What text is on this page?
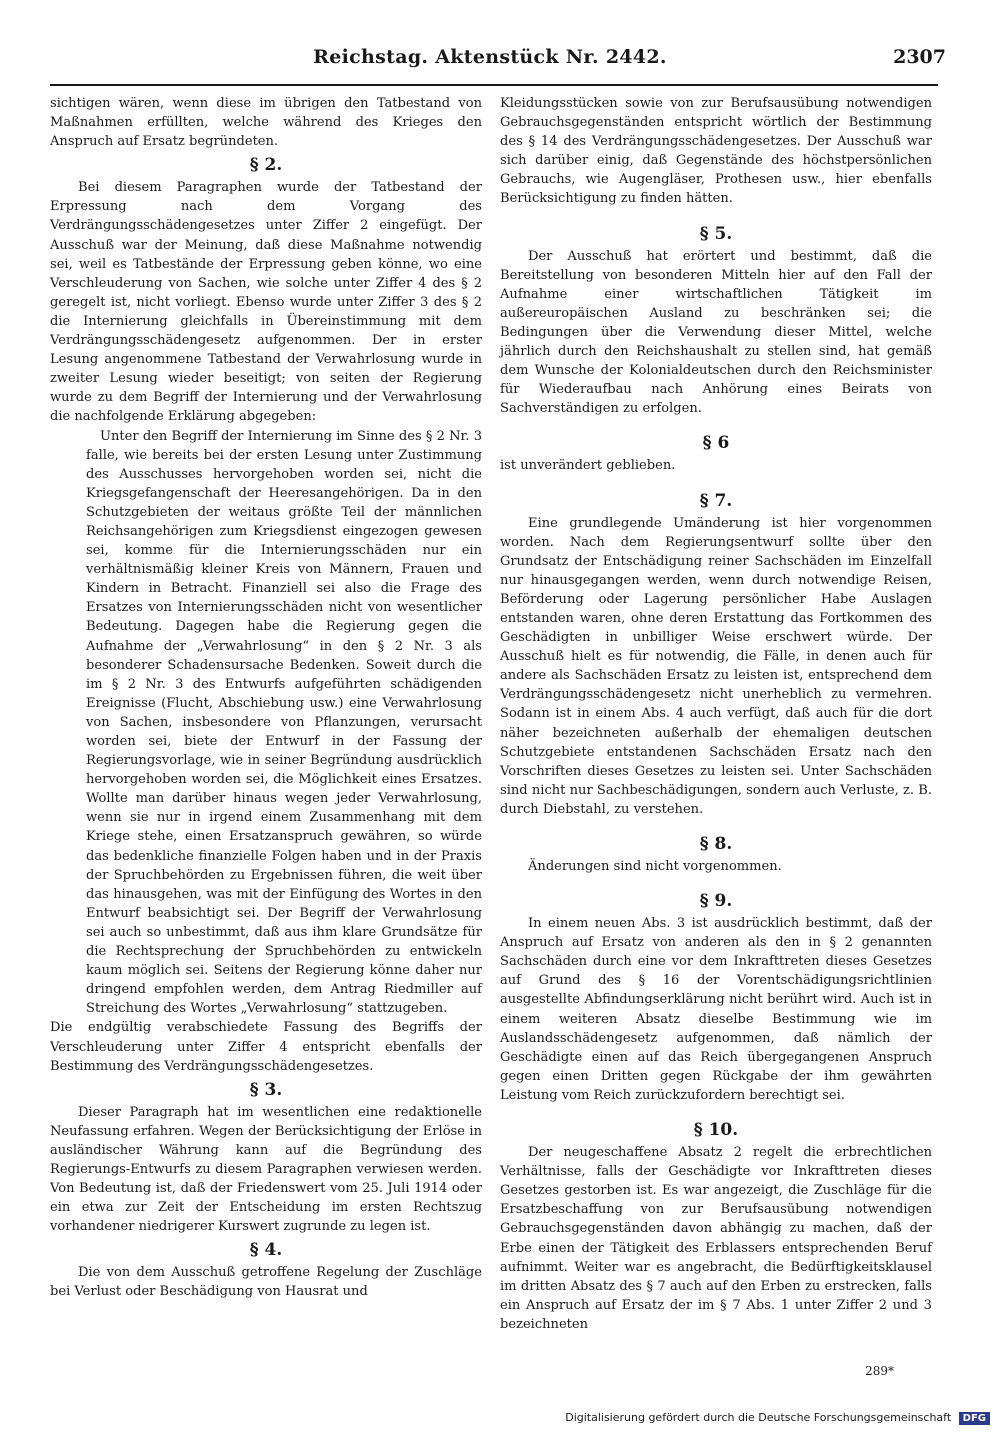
Reichstag. Aktenstück Nr. 2442.	2307

sichtigen wären, wenn diese im übrigen den Tatbestand von Maßnahmen erfüllten, welche während des Krieges den Anspruch auf Ersatz begründeten.

§ 2.

Bei diesem Paragraphen wurde der Tatbestand der Erpressung nach dem Vorgang des Verdrängungsschädengesetzes unter Ziffer 2 eingefügt. Der Ausschuß war der Meinung, daß diese Maßnahme notwendig sei, weil es Tatbestände der Erpressung geben könne, wo eine Verschleuderung von Sachen, wie solche unter Ziffer 4 des § 2 geregelt ist, nicht vorliegt. Ebenso wurde unter Ziffer 3 des § 2 die Internierung gleichfalls in Übereinstimmung mit dem Verdrängungsschädengesetz aufgenommen. Der in erster Lesung angenommene Tatbestand der Verwahrlosung wurde in zweiter Lesung wieder beseitigt; von seiten der Regierung wurde zu dem Begriff der Internierung und der Verwahrlosung die nachfolgende Erklärung abgegeben:

Unter den Begriff der Internierung im Sinne des § 2 Nr. 3 falle, wie bereits bei der ersten Lesung unter Zustimmung des Ausschusses hervorgehoben worden sei, nicht die Kriegsgefangenschaft der Heeresangehörigen. Da in den Schutzgebieten der weitaus größte Teil der männlichen Reichsangehörigen zum Kriegsdienst eingezogen gewesen sei, komme für die Internierungsschäden nur ein verhältnismäßig kleiner Kreis von Männern, Frauen und Kindern in Betracht. Finanziell sei also die Frage des Ersatzes von Internierungsschäden nicht von wesentlicher Bedeutung. Dagegen habe die Regierung gegen die Aufnahme der „Verwahrlosung“ in den § 2 Nr. 3 als besonderer Schadensursache Bedenken. Soweit durch die im § 2 Nr. 3 des Entwurfs aufgeführten schädigenden Ereignisse (Flucht, Abschiebung usw.) eine Verwahrlosung von Sachen, insbesondere von Pflanzungen, verursacht worden sei, biete der Entwurf in der Fassung der Regierungsvorlage, wie in seiner Begründung ausdrücklich hervorgehoben worden sei, die Möglichkeit eines Ersatzes. Wollte man darüber hinaus wegen jeder Verwahrlosung, wenn sie nur in irgend einem Zusammenhang mit dem Kriege stehe, einen Ersatzanspruch gewähren, so würde das bedenkliche finanzielle Folgen haben und in der Praxis der Spruchbehörden zu Ergebnissen führen, die weit über das hinausgehen, was mit der Einfügung des Wortes in den Entwurf beabsichtigt sei. Der Begriff der Verwahrlosung sei auch so unbestimmt, daß aus ihm klare Grundsätze für die Rechtsprechung der Spruchbehörden zu entwickeln kaum möglich sei. Seitens der Regierung könne daher nur dringend empfohlen werden, dem Antrag Riedmiller auf Streichung des Wortes „Verwahrlosung“ stattzugeben.

Die endgültig verabschiedete Fassung des Begriffs der Verschleuderung unter Ziffer 4 entspricht ebenfalls der Bestimmung des Verdrängungsschädengesetzes.

§ 3.

Dieser Paragraph hat im wesentlichen eine redaktionelle Neufassung erfahren. Wegen der Berücksichtigung der Erlöse in ausländischer Währung kann auf die Begründung des Regierungs-Entwurfs zu diesem Paragraphen verwiesen werden. Von Bedeutung ist, daß der Friedenswert vom 25. Juli 1914 oder ein etwa zur Zeit der Entscheidung im ersten Rechtszug vorhandener niedrigerer Kurswert zugrunde zu legen ist.

§ 4.

Die von dem Ausschuß getroffene Regelung der Zuschläge bei Verlust oder Beschädigung von Hausrat und

Kleidungsstücken sowie von zur Berufsausübung notwendigen Gebrauchsgegenständen entspricht wörtlich der Bestimmung des § 14 des Verdrängungsschädengesetzes. Der Ausschuß war sich darüber einig, daß Gegenstände des höchstpersönlichen Gebrauchs, wie Augengläser, Prothesen usw., hier ebenfalls Berücksichtigung zu finden hätten.

§ 5.

Der Ausschuß hat erörtert und bestimmt, daß die Bereitstellung von besonderen Mitteln hier auf den Fall der Aufnahme einer wirtschaftlichen Tätigkeit im außereuropäischen Ausland zu beschränken sei; die Bedingungen über die Verwendung dieser Mittel, welche jährlich durch den Reichshaushalt zu stellen sind, hat gemäß dem Wunsche der Kolonialdeutschen durch den Reichsminister für Wiederaufbau nach Anhörung eines Beirats von Sachverständigen zu erfolgen.

§ 6

ist unverändert geblieben.

§ 7.

Eine grundlegende Umänderung ist hier vorgenommen worden. Nach dem Regierungsentwurf sollte über den Grundsatz der Entschädigung reiner Sachschäden im Einzelfall nur hinausgegangen werden, wenn durch notwendige Reisen, Beförderung oder Lagerung persönlicher Habe Auslagen entstanden waren, ohne deren Erstattung das Fortkommen des Geschädigten in unbilliger Weise erschwert würde. Der Ausschuß hielt es für notwendig, die Fälle, in denen auch für andere als Sachschäden Ersatz zu leisten ist, entsprechend dem Verdrängungsschädengesetz nicht unerheblich zu vermehren. Sodann ist in einem Abs. 4 auch verfügt, daß auch für die dort näher bezeichneten außerhalb der ehemaligen deutschen Schutzgebiete entstandenen Sachschäden Ersatz nach den Vorschriften dieses Gesetzes zu leisten sei. Unter Sachschäden sind nicht nur Sachbeschädigungen, sondern auch Verluste, z. B. durch Diebstahl, zu verstehen.

§ 8.

Änderungen sind nicht vorgenommen.

§ 9.

In einem neuen Abs. 3 ist ausdrücklich bestimmt, daß der Anspruch auf Ersatz von anderen als den in § 2 genannten Sachschäden durch eine vor dem Inkrafttreten dieses Gesetzes auf Grund des § 16 der Vorentschädigungsrichtlinien ausgestellte Abfindungserklärung nicht berührt wird. Auch ist in einem weiteren Absatz dieselbe Bestimmung wie im Auslandsschädengesetz aufgenommen, daß nämlich der Geschädigte einen auf das Reich übergegangenen Anspruch gegen einen Dritten gegen Rückgabe der ihm gewährten Leistung vom Reich zurückzufordern berechtigt sei.

§ 10.

Der neugeschaffene Absatz 2 regelt die erbrechtlichen Verhältnisse, falls der Geschädigte vor Inkrafttreten dieses Gesetzes gestorben ist. Es war angezeigt, die Zuschläge für die Ersatzbeschaffung von zur Berufsausübung notwendigen Gebrauchsgegenständen davon abhängig zu machen, daß der Erbe einen der Tätigkeit des Erblassers entsprechenden Beruf aufnimmt. Weiter war es angebracht, die Bedürftigkeitsklausel im dritten Absatz des § 7 auch auf den Erben zu erstrecken, falls ein Anspruch auf Ersatz der im § 7 Abs. 1 unter Ziffer 2 und 3 bezeichneten

289*
Digitalisierung gefördert durch die Deutsche Forschungsgemeinschaft DFG
